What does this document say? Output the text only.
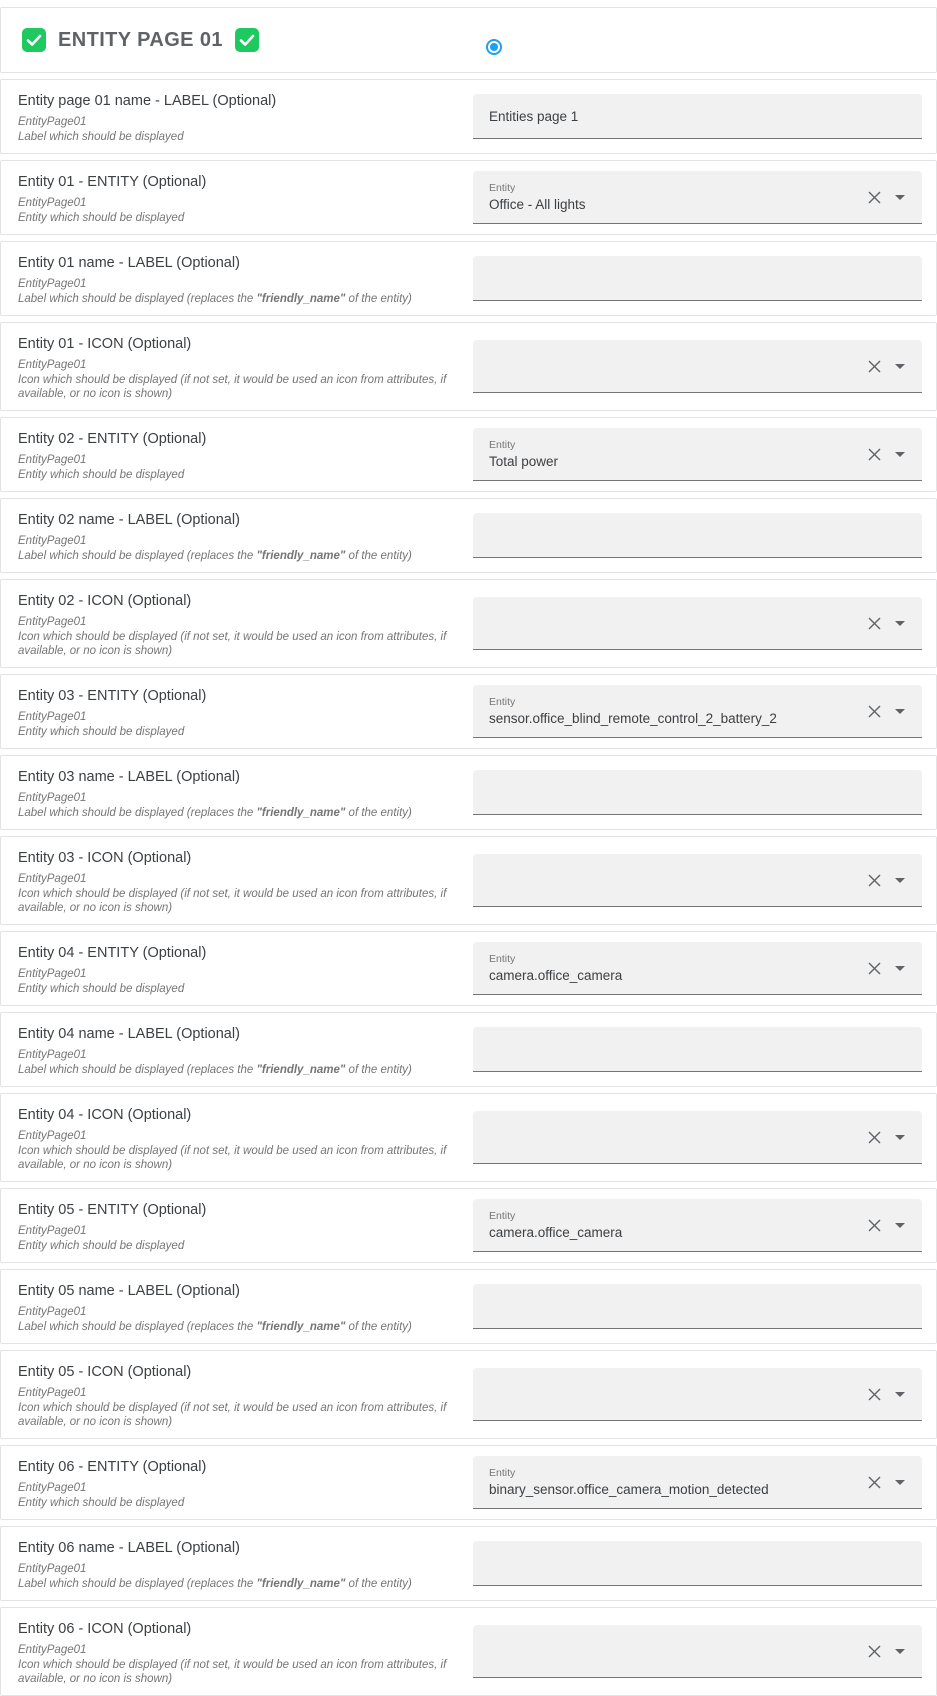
ENTITY PAGE 01
Entity page 01 name - LABEL (Optional)
EntityPage01
Label which should be displayed
Entities page 1
Entity 01 - ENTITY (Optional)
EntityPage01
Entity which should be displayed
Entity
Office - All lights
Entity 01 name - LABEL (Optional)
EntityPage01
Label which should be displayed (replaces the "friendly_name" of the entity)
Entity 01 - ICON (Optional)
EntityPage01
Icon which should be displayed (if not set, it would be used an icon from attributes, if available, or no icon is shown)
Entity 02 - ENTITY (Optional)
EntityPage01
Entity which should be displayed
Entity
Total power
Entity 02 name - LABEL (Optional)
EntityPage01
Label which should be displayed (replaces the "friendly_name" of the entity)
Entity 02 - ICON (Optional)
EntityPage01
Icon which should be displayed (if not set, it would be used an icon from attributes, if available, or no icon is shown)
Entity 03 - ENTITY (Optional)
EntityPage01
Entity which should be displayed
Entity
sensor.office_blind_remote_control_2_battery_2
Entity 03 name - LABEL (Optional)
EntityPage01
Label which should be displayed (replaces the "friendly_name" of the entity)
Entity 03 - ICON (Optional)
EntityPage01
Icon which should be displayed (if not set, it would be used an icon from attributes, if available, or no icon is shown)
Entity 04 - ENTITY (Optional)
EntityPage01
Entity which should be displayed
Entity
camera.office_camera
Entity 04 name - LABEL (Optional)
EntityPage01
Label which should be displayed (replaces the "friendly_name" of the entity)
Entity 04 - ICON (Optional)
EntityPage01
Icon which should be displayed (if not set, it would be used an icon from attributes, if available, or no icon is shown)
Entity 05 - ENTITY (Optional)
EntityPage01
Entity which should be displayed
Entity
camera.office_camera
Entity 05 name - LABEL (Optional)
EntityPage01
Label which should be displayed (replaces the "friendly_name" of the entity)
Entity 05 - ICON (Optional)
EntityPage01
Icon which should be displayed (if not set, it would be used an icon from attributes, if available, or no icon is shown)
Entity 06 - ENTITY (Optional)
EntityPage01
Entity which should be displayed
Entity
binary_sensor.office_camera_motion_detected
Entity 06 name - LABEL (Optional)
EntityPage01
Label which should be displayed (replaces the "friendly_name" of the entity)
Entity 06 - ICON (Optional)
EntityPage01
Icon which should be displayed (if not set, it would be used an icon from attributes, if available, or no icon is shown)
